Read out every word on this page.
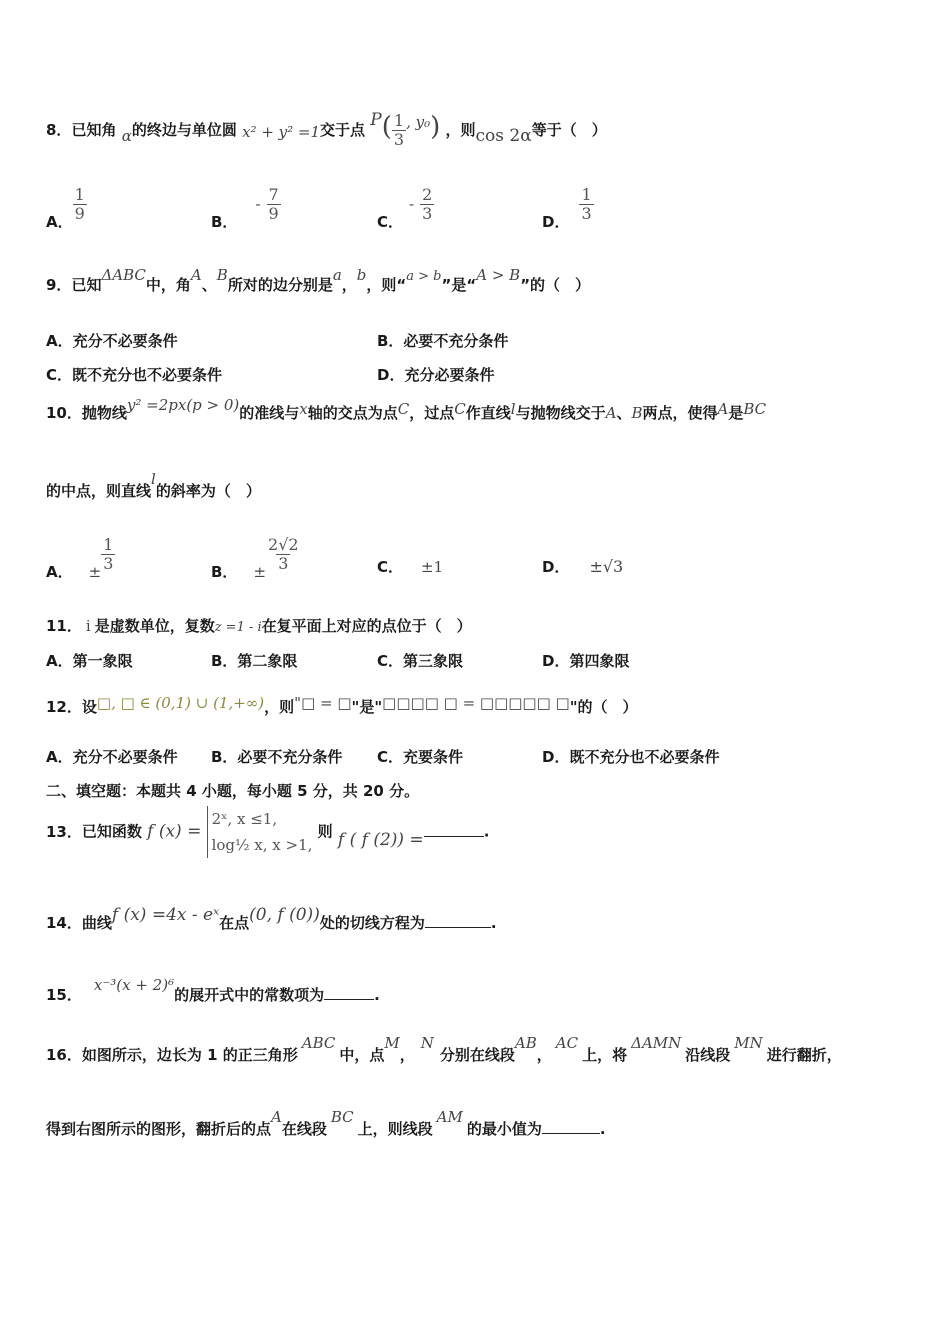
8．已知角 α的终边与单位圆 x² + y² =1交于点 $P( \frac{1}{3}$ , y₀) ，则cos 2α等于（　）
A． $\frac{1}{9}$	B．- $\frac{7}{9}$	C．- $\frac{2}{3}$	D． $\frac{1}{3}$
9．已知ΔABC中，角A、B所对的边分别是a，b，则“a > b”是“A > B”的（　）
A．充分不必要条件	B．必要不充分条件
C．既不充分也不必要条件	D．充分必要条件
10．抛物线y² =2px(p > 0)的准线与x轴的交点为点C，过点C作直线l与抛物线交于A、B两点，使得A是BC
的中点，则直线l的斜率为（　）
A． ± $\frac{1}{3}$	B． ± $\frac{2√2}{3}$	C． ±1	D． ±√3
11． i 是虚数单位，复数z =1 - i在复平面上对应的点位于（　）
A．第一象限	B．第二象限	C．第三象限	D．第四象限
12．设□, □ ∈ (0,1) ∪ (1,+∞)，则"□ = □"是"□□□□ □ = □□□□□ □"的（　）
A．充分不必要条件 B．必要不充分条件 C．充要条件	D．既不充分也不必要条件
二、填空题：本题共 4 小题，每小题 5 分，共 20 分。
13．已知函数 f (x) =
2ˣ, x ≤1,
log½ x, x >1,
则 f ( f (2)) =	.
14．曲线f (x) =4x - eˣ在点(0, f (0))处的切线方程为	.
15．x⁻³(x + 2)⁶的展开式中的常数项为	.
16．如图所示，边长为 1 的正三角形ABC中，点M，N分别在线段AB，AC上，将ΔAMN沿线段MN进行翻折，
得到右图所示的图形，翻折后的点A在线段BC上，则线段AM的最小值为	.
